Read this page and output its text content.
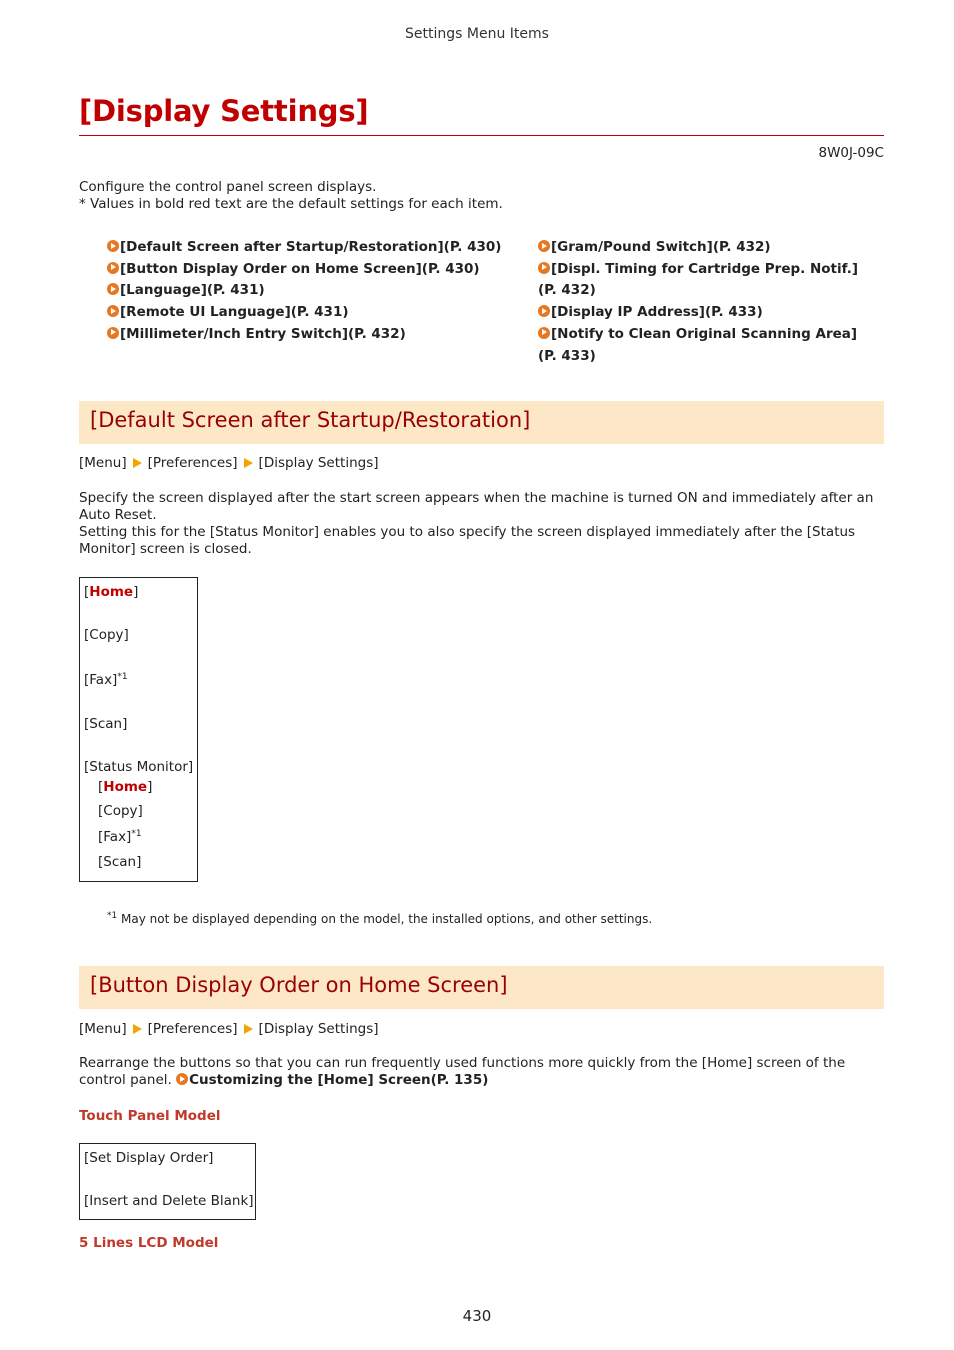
Settings Menu Items
[Display Settings]
8W0J-09C
Configure the control panel screen displays.
* Values in bold red text are the default settings for each item.
[Default Screen after Startup/Restoration](P. 430)
[Button Display Order on Home Screen](P. 430)
[Language](P. 431)
[Remote UI Language](P. 431)
[Millimeter/Inch Entry Switch](P. 432)
[Gram/Pound Switch](P. 432)
[Displ. Timing for Cartridge Prep. Notif.]
(P. 432)
[Display IP Address](P. 433)
[Notify to Clean Original Scanning Area]
(P. 433)
[Default Screen after Startup/Restoration]
[Menu] [Preferences] [Display Settings]
Specify the screen displayed after the start screen appears when the machine is turned ON and immediately after an
Auto Reset.
Setting this for the [Status Monitor] enables you to also specify the screen displayed immediately after the [Status
Monitor] screen is closed.
[Home]
[Copy]
[Fax]$^{*1}$
[Scan]
[Status Monitor]
[Home]
[Copy]
[Fax]$^{*1}$
[Scan]
$^{*1}$ May not be displayed depending on the model, the installed options, and other settings.
[Button Display Order on Home Screen]
[Menu] [Preferences] [Display Settings]
Rearrange the buttons so that you can run frequently used functions more quickly from the [Home] screen of the
control panel. Customizing the [Home] Screen(P. 135)
Touch Panel Model
[Set Display Order]
[Insert and Delete Blank]
5 Lines LCD Model
430
